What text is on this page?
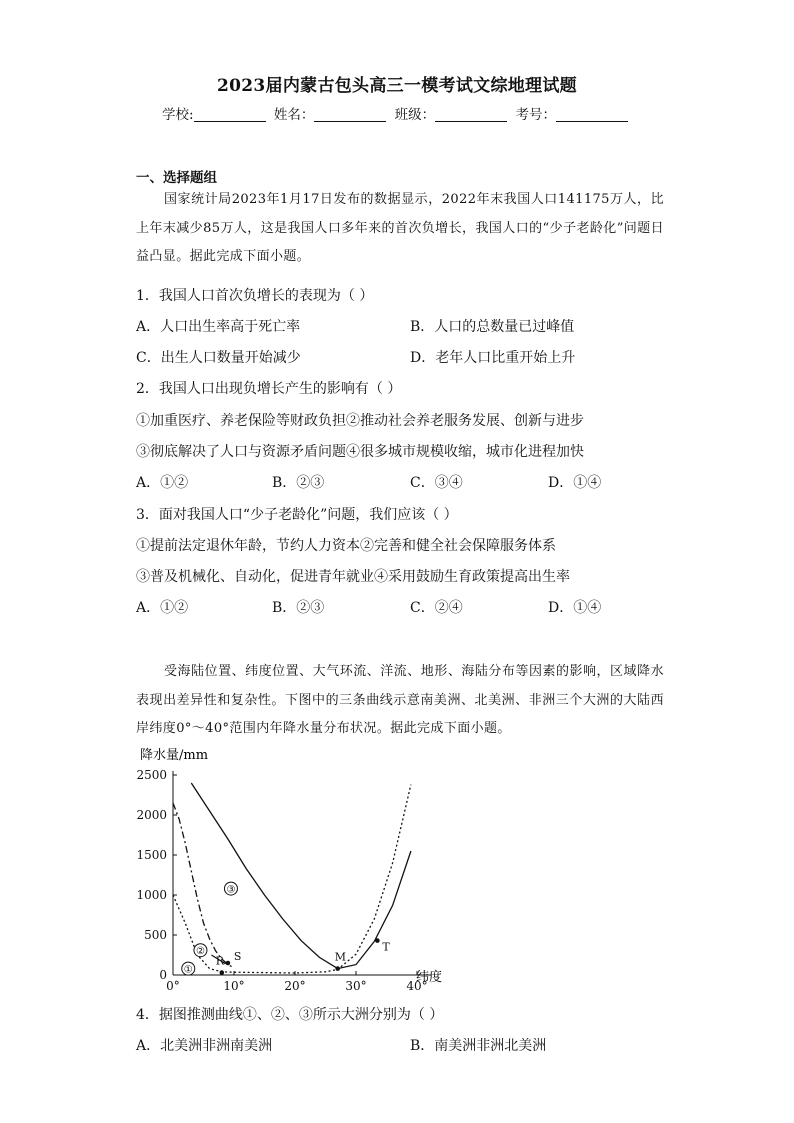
2023届内蒙古包头高三一模考试文综地理试题
学校:	姓名：	班级：	考号：
一、选择题组

国家统计局2023年1月17日发布的数据显示，2022年末我国人口141175万人，比上年末减少85万人，这是我国人口多年来的首次负增长，我国人口的“少子老龄化”问题日益凸显。据此完成下面小题。

1．我国人口首次负增长的表现为（ ）
A．人口出生率高于死亡率	B．人口的总数量已过峰值
C．出生人口数量开始减少	D．老年人口比重开始上升
2．我国人口出现负增长产生的影响有（ ）
①加重医疗、养老保险等财政负担②推动社会养老服务发展、创新与进步
③彻底解决了人口与资源矛盾问题④很多城市规模收缩，城市化进程加快
A．①②	B．②③	C．③④	D．①④
3．面对我国人口“少子老龄化”问题，我们应该（ ）
①提前法定退休年龄，节约人力资本②完善和健全社会保障服务体系
③普及机械化、自动化，促进青年就业④采用鼓励生育政策提高出生率
A．①②	B．②③	C．②④	D．①④

受海陆位置、纬度位置、大气环流、洋流、地形、海陆分布等因素的影响，区域降水表现出差异性和复杂性。下图中的三条曲线示意南美洲、北美洲、非洲三个大洲的大陆西岸纬度0°～40°范围内年降水量分布状况。据此完成下面小题。

降水量/mm
纬度
0°	10°	20°	30°	40°
0
500
1000
1500
2000
2500
①
②
③
R S	M
T
4．据图推测曲线①、②、③所示大洲分别为（ ）
A．北美洲非洲南美洲	B．南美洲非洲北美洲
